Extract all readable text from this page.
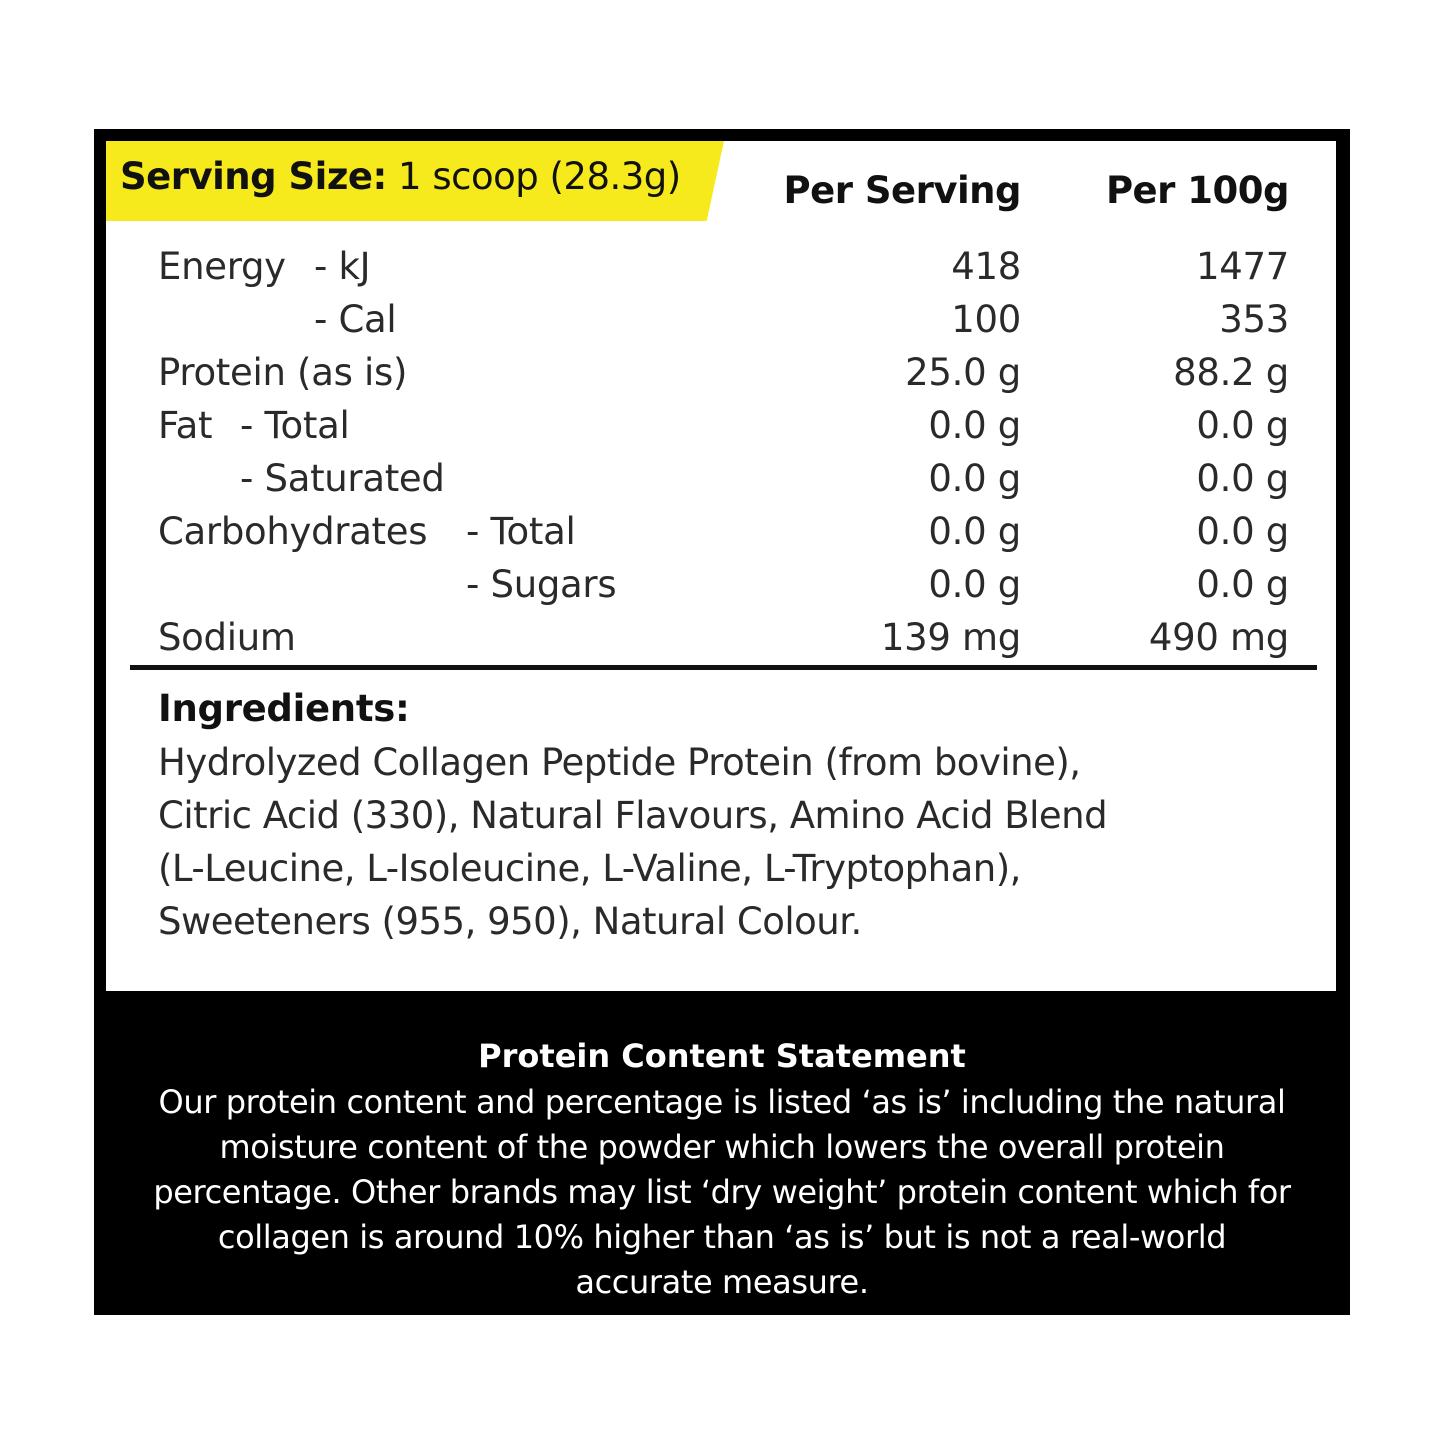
Serving Size: 1 scoop (28.3g)	Per Serving Per 100g
Energy - kJ	418	1477
- Cal	100	353
Protein (as is)	25.0 g	88.2 g
Fat - Total	0.0 g	0.0 g
- Saturated	0.0 g	0.0 g
Carbohydrates - Total	0.0 g	0.0 g
- Sugars	0.0 g	0.0 g
Sodium	139 mg	490 mg
Ingredients:
Hydrolyzed Collagen Peptide Protein (from bovine),
Citric Acid (330), Natural Flavours, Amino Acid Blend
(L-Leucine, L-Isoleucine, L-Valine, L-Tryptophan),
Sweeteners (955, 950), Natural Colour.
Protein Content Statement
Our protein content and percentage is listed ‘as is’ including the natural
moisture content of the powder which lowers the overall protein
percentage. Other brands may list ‘dry weight’ protein content which for
collagen is around 10% higher than ‘as is’ but is not a real-world
accurate measure.
